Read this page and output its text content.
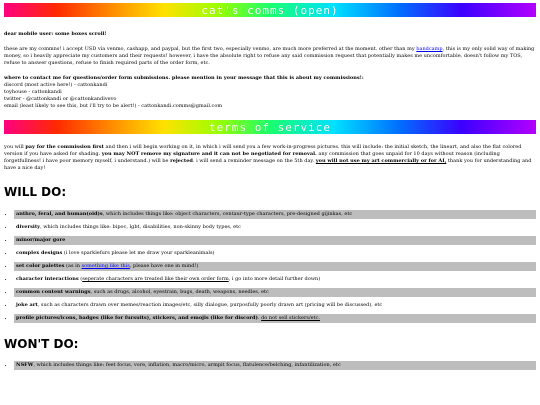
cat's comms (open)

dear mobile user: some boxes scroll!

these are my commns! i accept USD via venmo, cashapp, and paypal, but the first two, especially venmo, are much more preferred at the moment. other than my bandcamp, this is my only solid way of making money, so i heavily appreciate my customers and their requests! however, i have the absolute right to refuse any said commission request that potentially makes me uncomfortable, doesn't follow my TOS, refuse to answer questions, refuse to finish required parts of the order form, etc.

where to contact me for questions/order form submissions. please mention in your message that this is about my commissions!:

discord (most active here!) - cattonkandi

toyhouse - cattonkandi

twitter - @cattonkandi or @cattonkandivevo

email (least likely to see this, but i'll try to be alert!) - cattonkandi.comms@gmail.com

terms of service

you will pay for the commission first and then i will begin working on it, in which i will send you a few work-in-progress pictures. this will include: the initial sketch, the lineart, and also the flat colored version if you have asked for shading. you may NOT remove my signature and it can not be negotiated for removal. any commission that goes unpaid for 10 days without reason (including forgetfullness! i have poor memory myself, i understand.) will be rejected. i will send a reminder message on the 5th day. you will not use my art commercially or for AI, thank you for understanding and have a nice day!

WILL DO:

• anthro, feral, and human(oid)s, which includes things like: object characters, centaur-type characters, pre-designed gijinkas, etc
• diversity, which includes things like: bipoc, lgbt, disabilities, non-skinny body types, etc
• minor/major gore
• complex designs (i love sparklefurs please let me draw your sparkleanimals)
• set color palettes (as in something like this, please have one in mind!)
• character interactions (seperate characters are treated like their own order form, i go into more detail further down)
• common content warnings, such as drugs, alcohol, eyestrain, bugs, death, weapons, needles, etc
• joke art, such as characters drawn over memes/reaction images/etc, silly dialogue, purposfully poorly drawn art (pricing will be discussed), etc
• profile pictures/icons, badges (like for fursuits), stickers, and emojis (like for discord). do not sell stickers/etc.

WON'T DO:

• NSFW, which includes things like: feet focus, vore, inflation, macro/micro, armpit focus, flatulence/belching, infantilization, etc
